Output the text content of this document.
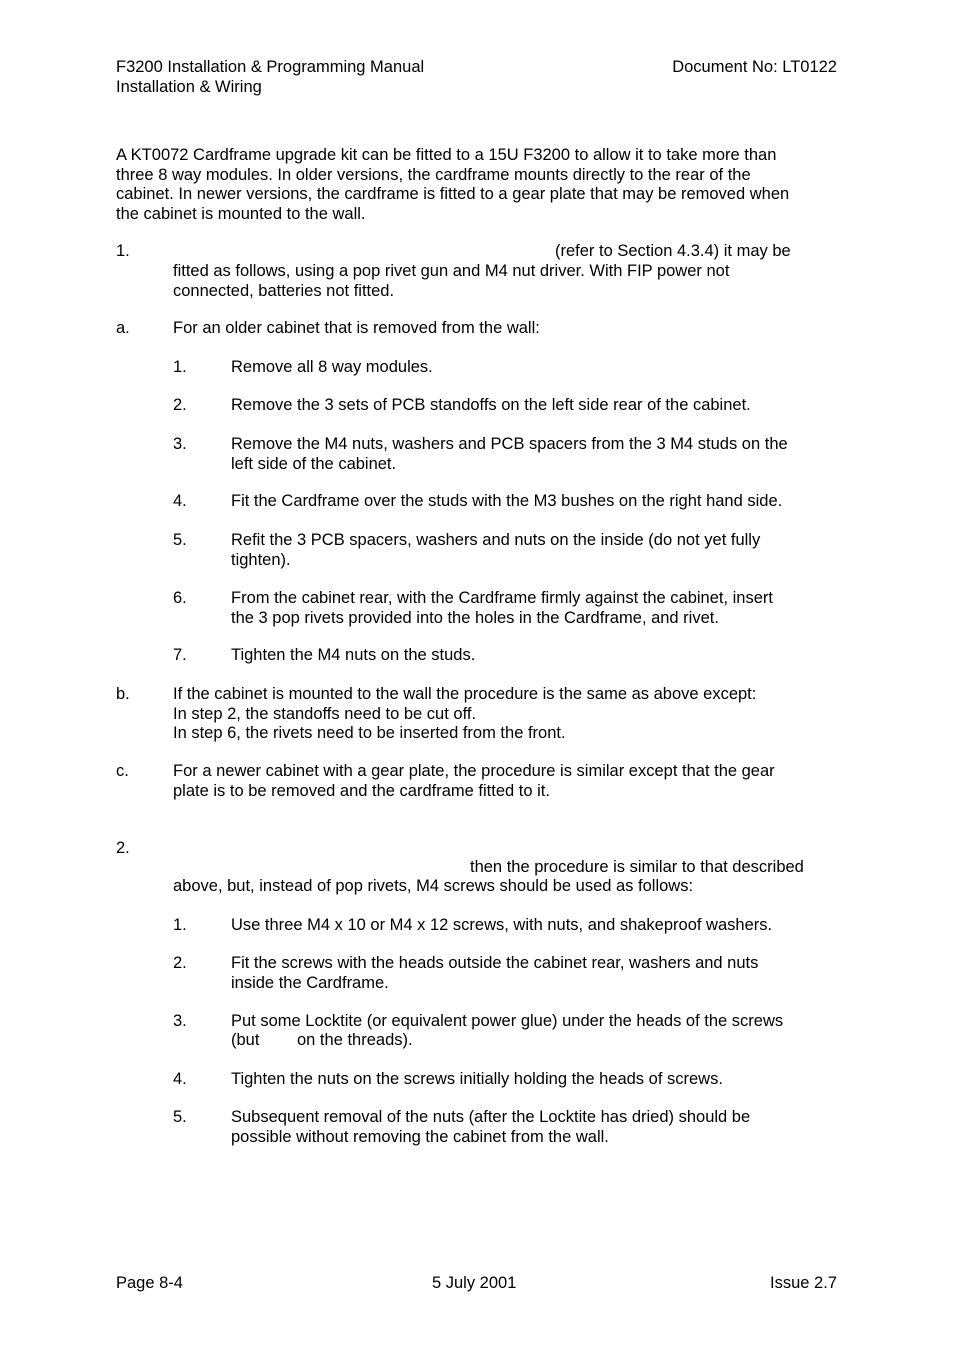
F3200 Installation & Programming Manual
Installation & Wiring
Document No: LT0122
A KT0072 Cardframe upgrade kit can be fitted to a 15U F3200 to allow it to take more than
three 8 way modules. In older versions, the cardframe mounts directly to the rear of the
cabinet. In newer versions, the cardframe is fitted to a gear plate that may be removed when
the cabinet is mounted to the wall.
1.	(refer to Section 4.3.4) it may be
fitted as follows, using a pop rivet gun and M4 nut driver. With FIP power not
connected, batteries not fitted.
a.	For an older cabinet that is removed from the wall:
1.	Remove all 8 way modules.
2.	Remove the 3 sets of PCB standoffs on the left side rear of the cabinet.
3.	Remove the M4 nuts, washers and PCB spacers from the 3 M4 studs on the
left side of the cabinet.
4.	Fit the Cardframe over the studs with the M3 bushes on the right hand side.
5.	Refit the 3 PCB spacers, washers and nuts on the inside (do not yet fully
tighten).
6.	From the cabinet rear, with the Cardframe firmly against the cabinet, insert
the 3 pop rivets provided into the holes in the Cardframe, and rivet.
7.	Tighten the M4 nuts on the studs.
b.	If the cabinet is mounted to the wall the procedure is the same as above except:
In step 2, the standoffs need to be cut off.
In step 6, the rivets need to be inserted from the front.
c.	For a newer cabinet with a gear plate, the procedure is similar except that the gear
plate is to be removed and the cardframe fitted to it.
2.
then the procedure is similar to that described
above, but, instead of pop rivets, M4 screws should be used as follows:
1.	Use three M4 x 10 or M4 x 12 screws, with nuts, and shakeproof washers.
2.	Fit the screws with the heads outside the cabinet rear, washers and nuts
inside the Cardframe.
3.	Put some Locktite (or equivalent power glue) under the heads of the screws
(but on the threads).
4.	Tighten the nuts on the screws initially holding the heads of screws.
5.	Subsequent removal of the nuts (after the Locktite has dried) should be
possible without removing the cabinet from the wall.
Page 8-4	5 July 2001	Issue 2.7
